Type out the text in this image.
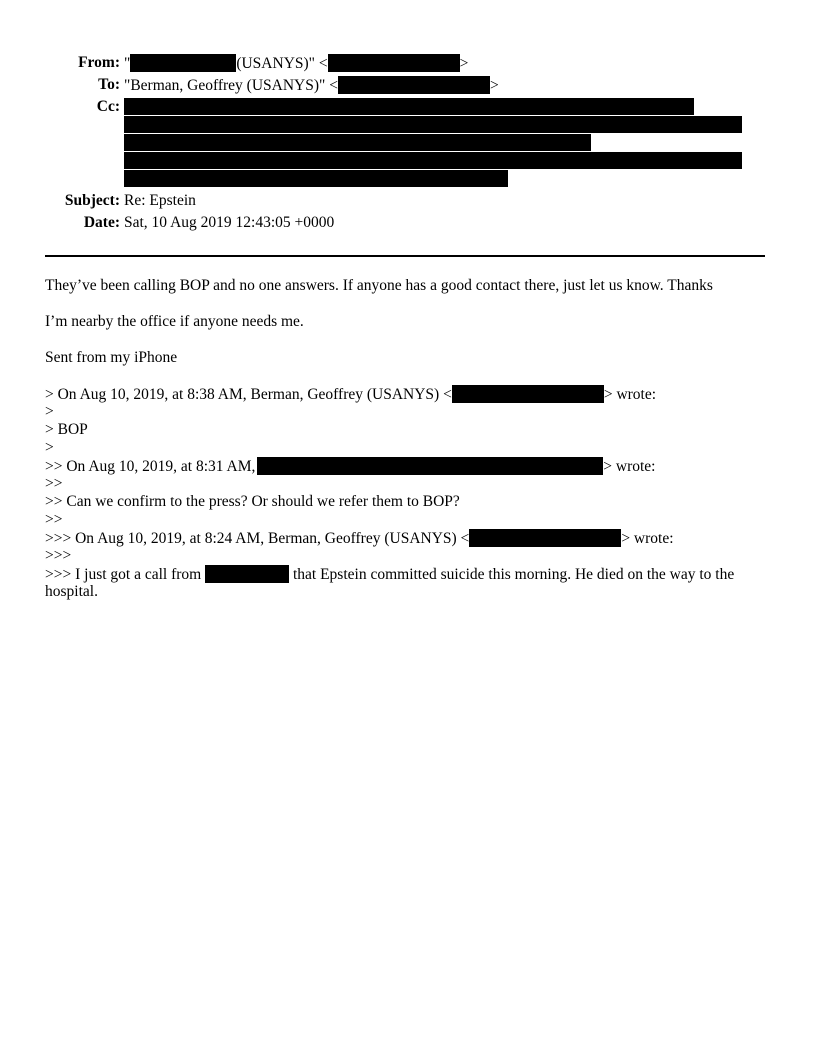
From: "	(USANYS)" <	>
To: "Berman, Geoffrey (USANYS)" <	>
Cc:
Subject: Re: Epstein
Date: Sat, 10 Aug 2019 12:43:05 +0000
They’ve been calling BOP and no one answers. If anyone has a good contact there, just let us know. Thanks
I’m nearby the office if anyone needs me.
Sent from my iPhone
> On Aug 10, 2019, at 8:38 AM, Berman, Geoffrey (USANYS) <	> wrote:
>
> BOP
>
>> On Aug 10, 2019, at 8:31 AM,	> wrote:
>>
>> Can we confirm to the press? Or should we refer them to BOP?
>>
>>> On Aug 10, 2019, at 8:24 AM, Berman, Geoffrey (USANYS) <	> wrote:
>>>
>>> I just got a call from	that Epstein committed suicide this morning. He died on the way to the
hospital.
